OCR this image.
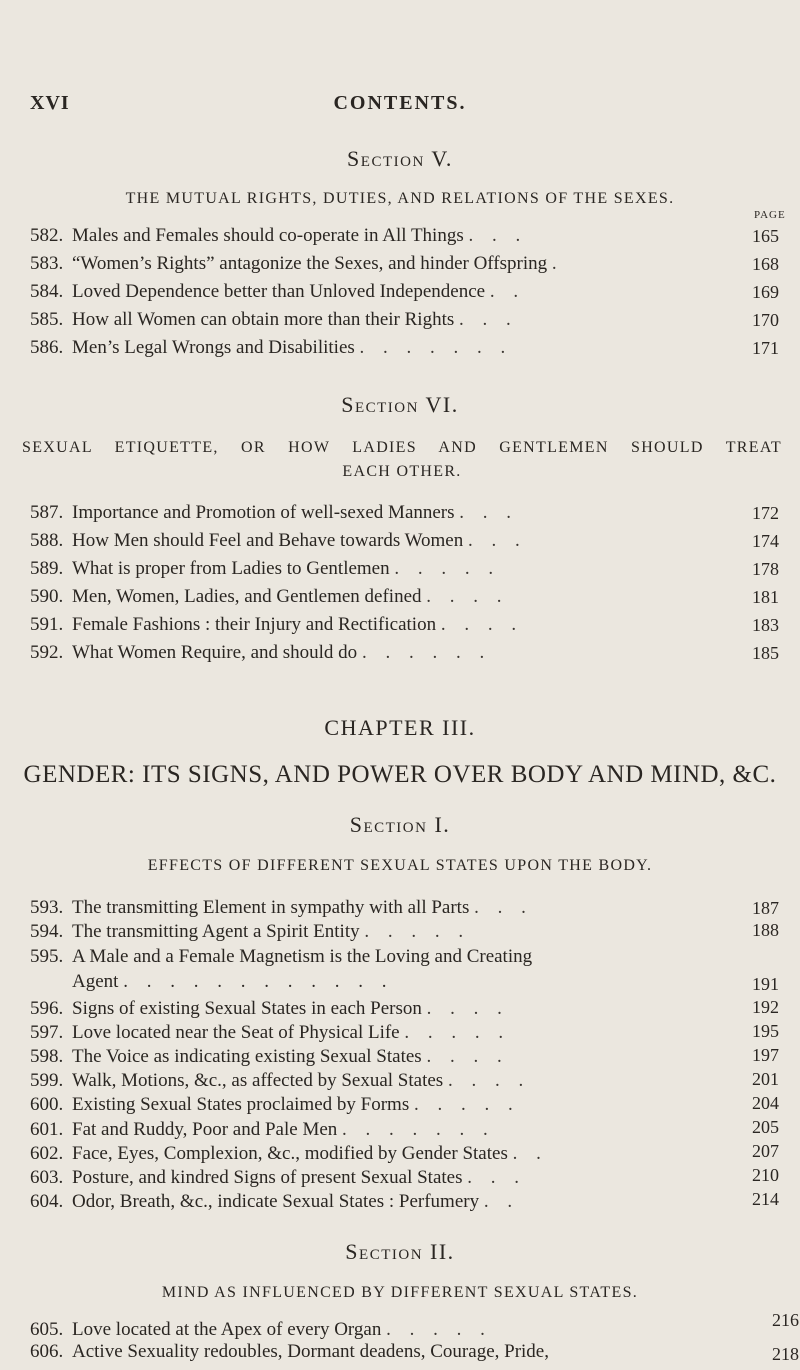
XVI	CONTENTS.
Section V.
THE MUTUAL RIGHTS, DUTIES, AND RELATIONS OF THE SEXES.
PAGE
582. Males and Females should co-operate in All Things . . .	165
583. “Women’s Rights” antagonize the Sexes, and hinder Offspring .	168
584. Loved Dependence better than Unloved Independence . .	169
585. How all Women can obtain more than their Rights . . .	170
586. Men’s Legal Wrongs and Disabilities . . . . . . .	171
Section VI.
SEXUAL ETIQUETTE, OR HOW LADIES AND GENTLEMEN SHOULD TREAT
EACH OTHER.
587. Importance and Promotion of well-sexed Manners . . .	172
588. How Men should Feel and Behave towards Women . . .	174
589. What is proper from Ladies to Gentlemen . . . . .	178
590. Men, Women, Ladies, and Gentlemen defined . . . .	181
591. Female Fashions : their Injury and Rectification . . . .	183
592. What Women Require, and should do . . . . . .	185
CHAPTER III.
GENDER: ITS SIGNS, AND POWER OVER BODY AND MIND, &C.
Section I.
EFFECTS OF DIFFERENT SEXUAL STATES UPON THE BODY.
593. The transmitting Element in sympathy with all Parts . . .	187
594. The transmitting Agent a Spirit Entity . . . . .	188
595. A Male and a Female Magnetism is the Loving and Creating
Agent . . . . . . . . . . . .	191
596. Signs of existing Sexual States in each Person . . . .	192
597. Love located near the Seat of Physical Life . . . . .	195
598. The Voice as indicating existing Sexual States . . . .	197
599. Walk, Motions, &c., as affected by Sexual States . . . .	201
600. Existing Sexual States proclaimed by Forms . . . . .	204
601. Fat and Ruddy, Poor and Pale Men . . . . . . .	205
602. Face, Eyes, Complexion, &c., modified by Gender States . .	207
603. Posture, and kindred Signs of present Sexual States . . .	210
604. Odor, Breath, &c., indicate Sexual States : Perfumery . .	214
Section II.
MIND AS INFLUENCED BY DIFFERENT SEXUAL STATES.
605. Love located at the Apex of every Organ . . . . .	216
606. Active Sexuality redoubles, Dormant deadens, Courage, Pride,	218
